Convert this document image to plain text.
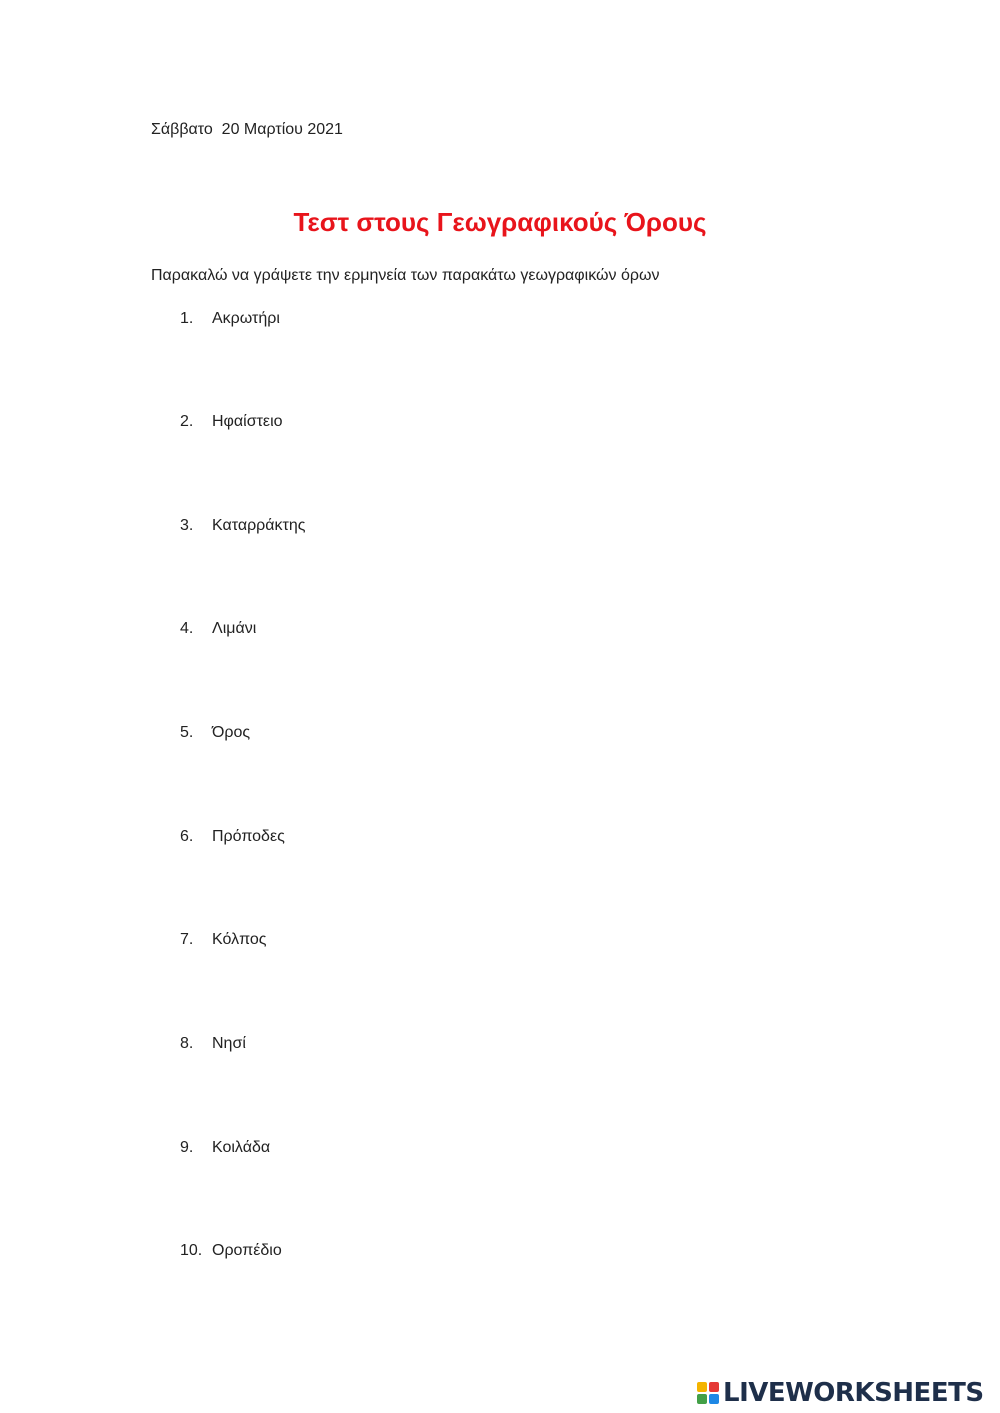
Σάββατο  20 Μαρτίου 2021
Τεστ στους Γεωγραφικούς Όρους
Παρακαλώ να γράψετε την ερμηνεία των παρακάτω γεωγραφικών όρων
1.	Ακρωτήρι
2.	Ηφαίστειο
3.	Καταρράκτης
4.	Λιμάνι
5.	Όρος
6.	Πρόποδες
7.	Κόλπος
8.	Νησί
9.	Κοιλάδα
10. Οροπέδιο
LIVEWORKSHEETS
